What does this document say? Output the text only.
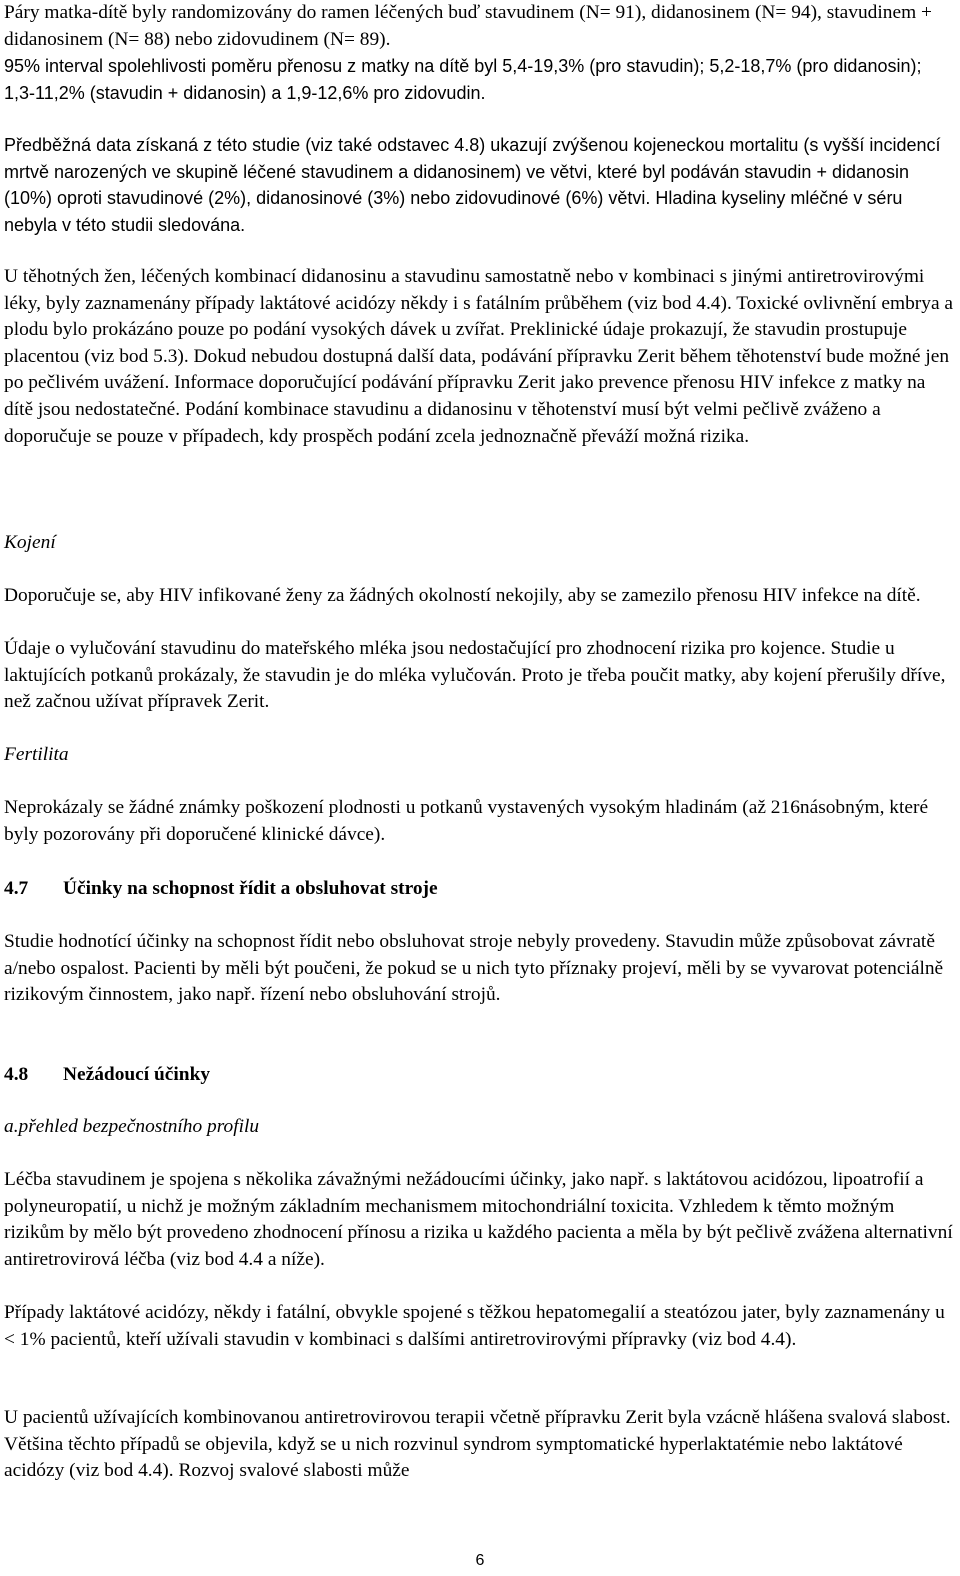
Páry matka-dítě byly randomizovány do ramen léčených buď stavudinem (N= 91), didanosinem (N= 94), stavudinem + didanosinem (N= 88) nebo zidovudinem (N= 89).

95% interval spolehlivosti poměru přenosu z matky na dítě byl 5,4-19,3% (pro stavudin); 5,2-18,7% (pro didanosin); 1,3-11,2% (stavudin + didanosin) a 1,9-12,6% pro zidovudin.

Předběžná data získaná z této studie (viz také odstavec 4.8) ukazují zvýšenou kojeneckou mortalitu (s vyšší incidencí mrtvě narozených ve skupině léčené stavudinem a didanosinem) ve větvi, které byl podáván stavudin + didanosin (10%) oproti stavudinové (2%), didanosinové (3%) nebo zidovudinové (6%) větvi. Hladina kyseliny mléčné v séru nebyla v této studii sledována.

U těhotných žen, léčených kombinací didanosinu a stavudinu samostatně nebo v kombinaci s jinými antiretrovirovými léky, byly zaznamenány případy laktátové acidózy někdy i s fatálním průběhem (viz bod 4.4). Toxické ovlivnění embrya a plodu bylo prokázáno pouze po podání vysokých dávek u zvířat. Preklinické údaje prokazují, že stavudin prostupuje placentou (viz bod 5.3). Dokud nebudou dostupná další data, podávání přípravku Zerit během těhotenství bude možné jen po pečlivém uvážení. Informace doporučující podávání přípravku Zerit jako prevence přenosu HIV infekce z matky na dítě jsou nedostatečné. Podání kombinace stavudinu a didanosinu v těhotenství musí být velmi pečlivě zváženo a doporučuje se pouze v případech, kdy prospěch podání zcela jednoznačně převáží možná rizika.

Kojení

Doporučuje se, aby HIV infikované ženy za žádných okolností nekojily, aby se zamezilo přenosu HIV infekce na dítě.

Údaje o vylučování stavudinu do mateřského mléka jsou nedostačující pro zhodnocení rizika pro kojence. Studie u laktujících potkanů prokázaly, že stavudin je do mléka vylučován. Proto je třeba poučit matky, aby kojení přerušily dříve, než začnou užívat přípravek Zerit.

Fertilita

Neprokázaly se žádné známky poškození plodnosti u potkanů vystavených vysokým hladinám (až 216násobným, které byly pozorovány při doporučené klinické dávce).

4.7 Účinky na schopnost řídit a obsluhovat stroje

Studie hodnotící účinky na schopnost řídit nebo obsluhovat stroje nebyly provedeny. Stavudin může způsobovat závratě a/nebo ospalost. Pacienti by měli být poučeni, že pokud se u nich tyto příznaky projeví, měli by se vyvarovat potenciálně rizikovým činnostem, jako např. řízení nebo obsluhování strojů.

4.8 Nežádoucí účinky

a.přehled bezpečnostního profilu

Léčba stavudinem je spojena s několika závažnými nežádoucími účinky, jako např. s laktátovou acidózou, lipoatrofií a polyneuropatií, u nichž je možným základním mechanismem mitochondriální toxicita. Vzhledem k těmto možným rizikům by mělo být provedeno zhodnocení přínosu a rizika u každého pacienta a měla by být pečlivě zvážena alternativní antiretrovirová léčba (viz bod 4.4 a níže).

Případy laktátové acidózy, někdy i fatální, obvykle spojené s těžkou hepatomegalií a steatózou jater, byly zaznamenány u < 1% pacientů, kteří užívali stavudin v kombinaci s dalšími antiretrovirovými přípravky (viz bod 4.4).

U pacientů užívajících kombinovanou antiretrovirovou terapii včetně přípravku Zerit byla vzácně hlášena svalová slabost. Většina těchto případů se objevila, když se u nich rozvinul syndrom symptomatické hyperlaktatémie nebo laktátové acidózy (viz bod 4.4). Rozvoj svalové slabosti může

6
